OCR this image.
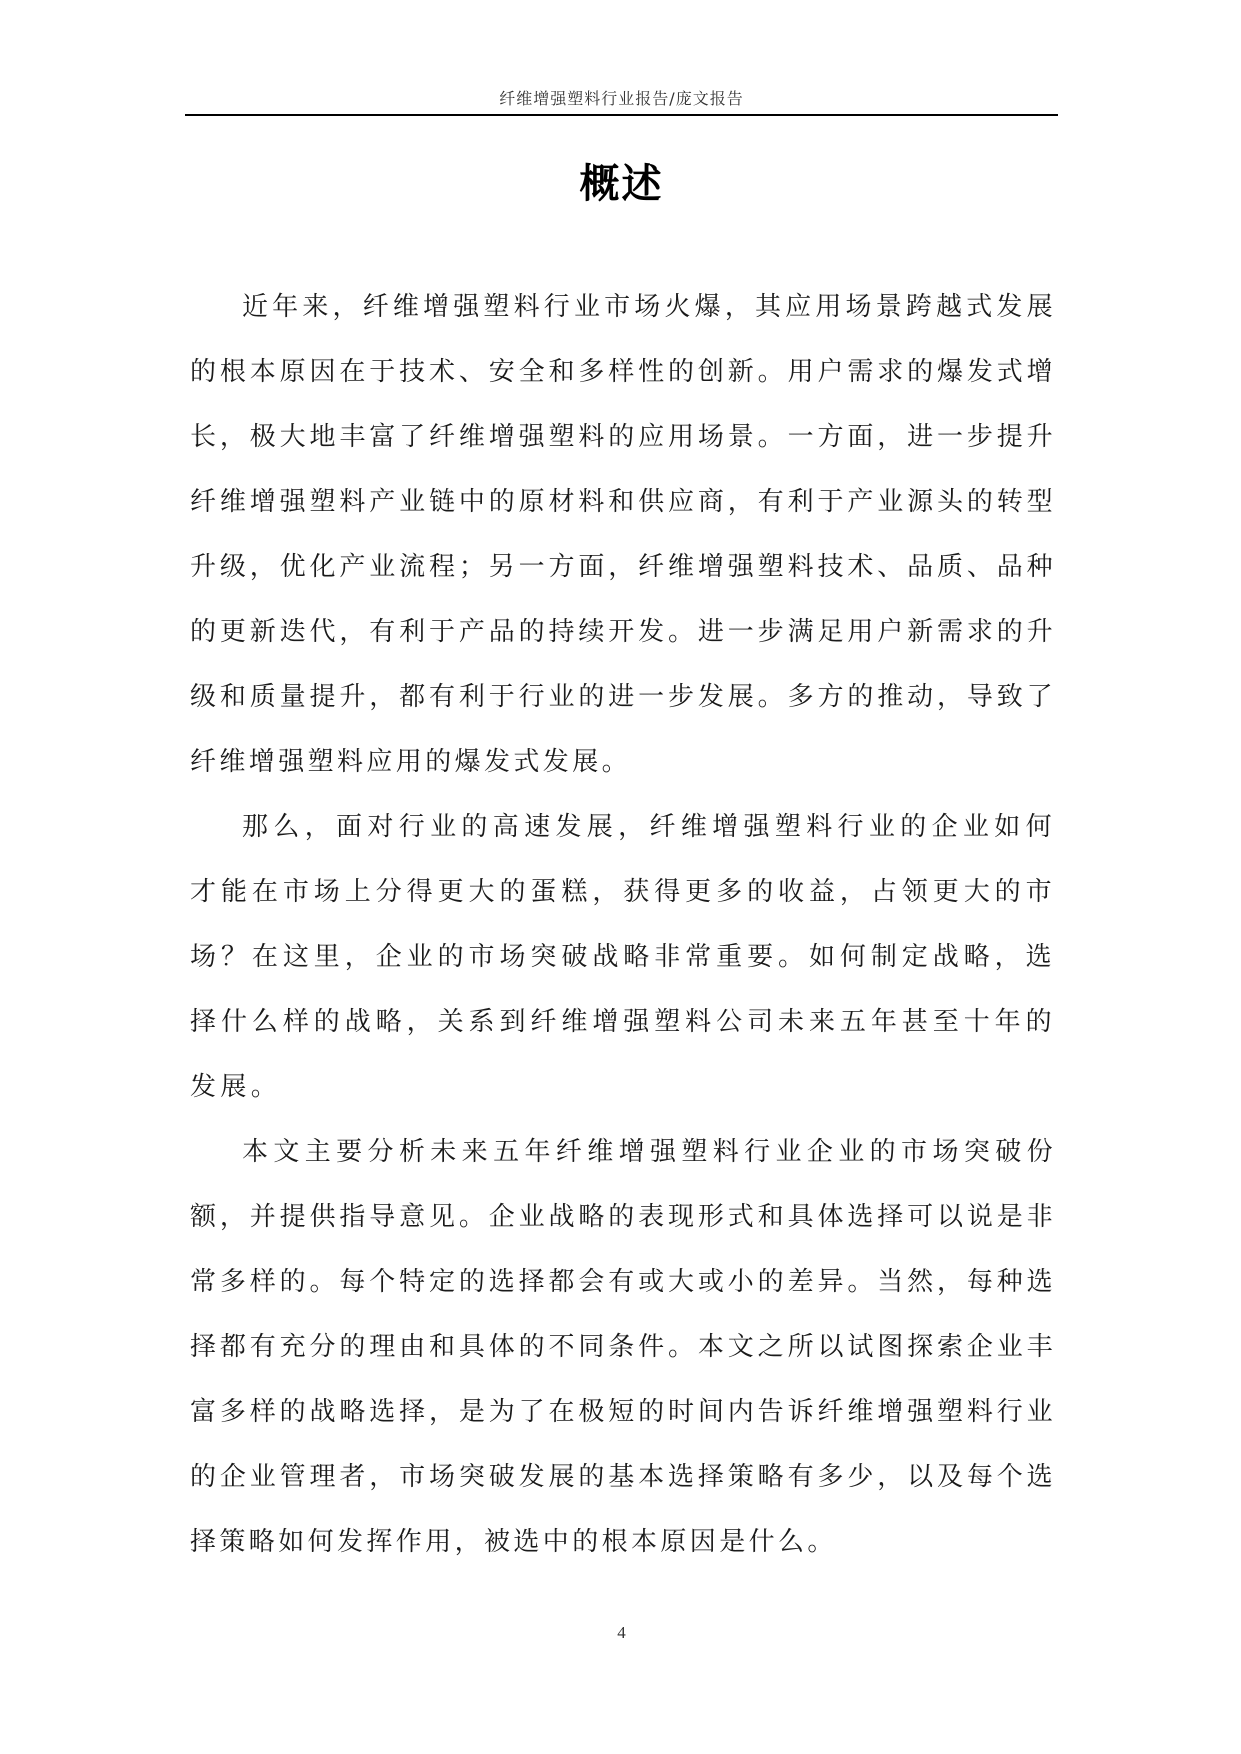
纤维增强塑料行业报告/庞文报告
概述

近年来，纤维增强塑料行业市场火爆，其应用场景跨越式发展的根本原因在于技术、安全和多样性的创新。用户需求的爆发式增长，极大地丰富了纤维增强塑料的应用场景。一方面，进一步提升纤维增强塑料产业链中的原材料和供应商，有利于产业源头的转型升级，优化产业流程；另一方面，纤维增强塑料技术、品质、品种的更新迭代，有利于产品的持续开发。进一步满足用户新需求的升级和质量提升，都有利于行业的进一步发展。多方的推动，导致了纤维增强塑料应用的爆发式发展。

那么，面对行业的高速发展，纤维增强塑料行业的企业如何才能在市场上分得更大的蛋糕，获得更多的收益，占领更大的市场？在这里，企业的市场突破战略非常重要。如何制定战略，选择什么样的战略，关系到纤维增强塑料公司未来五年甚至十年的发展。

本文主要分析未来五年纤维增强塑料行业企业的市场突破份额，并提供指导意见。企业战略的表现形式和具体选择可以说是非常多样的。每个特定的选择都会有或大或小的差异。当然，每种选择都有充分的理由和具体的不同条件。本文之所以试图探索企业丰富多样的战略选择，是为了在极短的时间内告诉纤维增强塑料行业的企业管理者，市场突破发展的基本选择策略有多少，以及每个选择策略如何发挥作用，被选中的根本原因是什么。

4
